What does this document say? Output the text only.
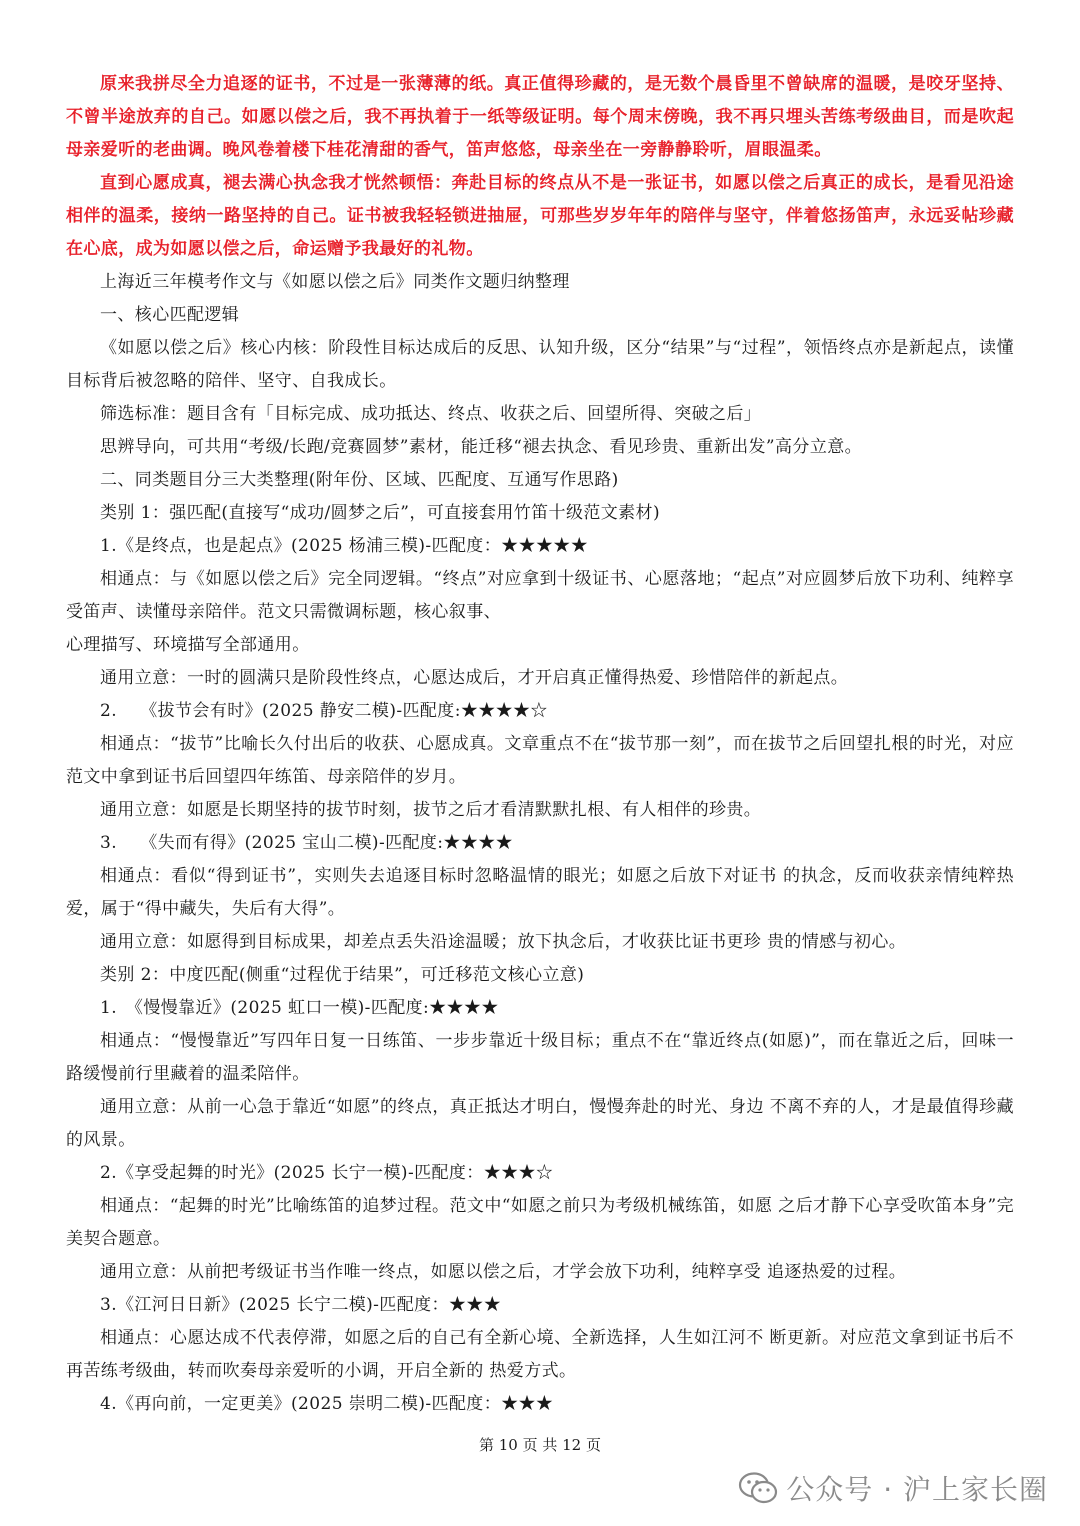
原来我拼尽全力追逐的证书，不过是一张薄薄的纸。真正值得珍藏的，是无数个晨昏里不曾缺席的温暖，是咬牙坚持、不曾半途放弃的自己。如愿以偿之后，我不再执着于一纸等级证明。每个周末傍晚，我不再只埋头苦练考级曲目，而是吹起母亲爱听的老曲调。晚风卷着楼下桂花清甜的香气，笛声悠悠，母亲坐在一旁静静聆听，眉眼温柔。

直到心愿成真，褪去满心执念我才恍然顿悟：奔赴目标的终点从不是一张证书，如愿以偿之后真正的成长，是看见沿途相伴的温柔，接纳一路坚持的自己。证书被我轻轻锁进抽屉，可那些岁岁年年的陪伴与坚守，伴着悠扬笛声，永远妥帖珍藏在心底，成为如愿以偿之后，命运赠予我最好的礼物。

上海近三年模考作文与《如愿以偿之后》同类作文题归纳整理

一、核心匹配逻辑

《如愿以偿之后》核心内核：阶段性目标达成后的反思、认知升级，区分“结果”与“过程”，领悟终点亦是新起点，读懂目标背后被忽略的陪伴、坚守、自我成长。

筛选标准：题目含有「目标完成、成功抵达、终点、收获之后、回望所得、突破之后」

思辨导向，可共用“考级/长跑/竞赛圆梦”素材，能迁移“褪去执念、看见珍贵、重新出发”高分立意。

二、同类题目分三大类整理(附年份、区域、匹配度、互通写作思路)

类别 1：强匹配(直接写“成功/圆梦之后”，可直接套用竹笛十级范文素材)

1.《是终点，也是起点》(2025 杨浦三模)-匹配度：★★★★★

相通点：与《如愿以偿之后》完全同逻辑。“终点”对应拿到十级证书、心愿落地；“起点”对应圆梦后放下功利、纯粹享受笛声、读懂母亲陪伴。范文只需微调标题，核心叙事、

心理描写、环境描写全部通用。

通用立意：一时的圆满只是阶段性终点，心愿达成后，才开启真正懂得热爱、珍惜陪伴的新起点。

2.　 《拔节会有时》(2025 静安二模)-匹配度:★★★★☆

相通点：“拔节”比喻长久付出后的收获、心愿成真。文章重点不在“拔节那一刻”，而在拔节之后回望扎根的时光，对应范文中拿到证书后回望四年练笛、母亲陪伴的岁月。

通用立意：如愿是长期坚持的拔节时刻，拔节之后才看清默默扎根、有人相伴的珍贵。

3.　 《失而有得》(2025 宝山二模)-匹配度:★★★★

相通点：看似“得到证书”，实则失去追逐目标时忽略温情的眼光；如愿之后放下对证书 的执念，反而收获亲情纯粹热爱，属于“得中藏失，失后有大得”。

通用立意：如愿得到目标成果，却差点丢失沿途温暖；放下执念后，才收获比证书更珍 贵的情感与初心。

类别 2：中度匹配(侧重“过程优于结果”，可迁移范文核心立意)

1.　《慢慢靠近》(2025 虹口一模)-匹配度:★★★★

相通点：“慢慢靠近”写四年日复一日练笛、一步步靠近十级目标；重点不在“靠近终点(如愿)”，而在靠近之后，回味一路缓慢前行里藏着的温柔陪伴。

通用立意：从前一心急于靠近“如愿”的终点，真正抵达才明白，慢慢奔赴的时光、身边 不离不弃的人，才是最值得珍藏的风景。

2.《享受起舞的时光》(2025 长宁一模)-匹配度：★★★☆

相通点：“起舞的时光”比喻练笛的追梦过程。范文中“如愿之前只为考级机械练笛，如愿 之后才静下心享受吹笛本身”完美契合题意。

通用立意：从前把考级证书当作唯一终点，如愿以偿之后，才学会放下功利，纯粹享受 追逐热爱的过程。

3.《江河日日新》(2025 长宁二模)-匹配度：★★★

相通点：心愿达成不代表停滞，如愿之后的自己有全新心境、全新选择，人生如江河不 断更新。对应范文拿到证书后不再苦练考级曲，转而吹奏母亲爱听的小调，开启全新的 热爱方式。

4.《再向前，一定更美》(2025 崇明二模)-匹配度：★★★

第 10 页 共 12 页
公众号 · 沪上家长圈
